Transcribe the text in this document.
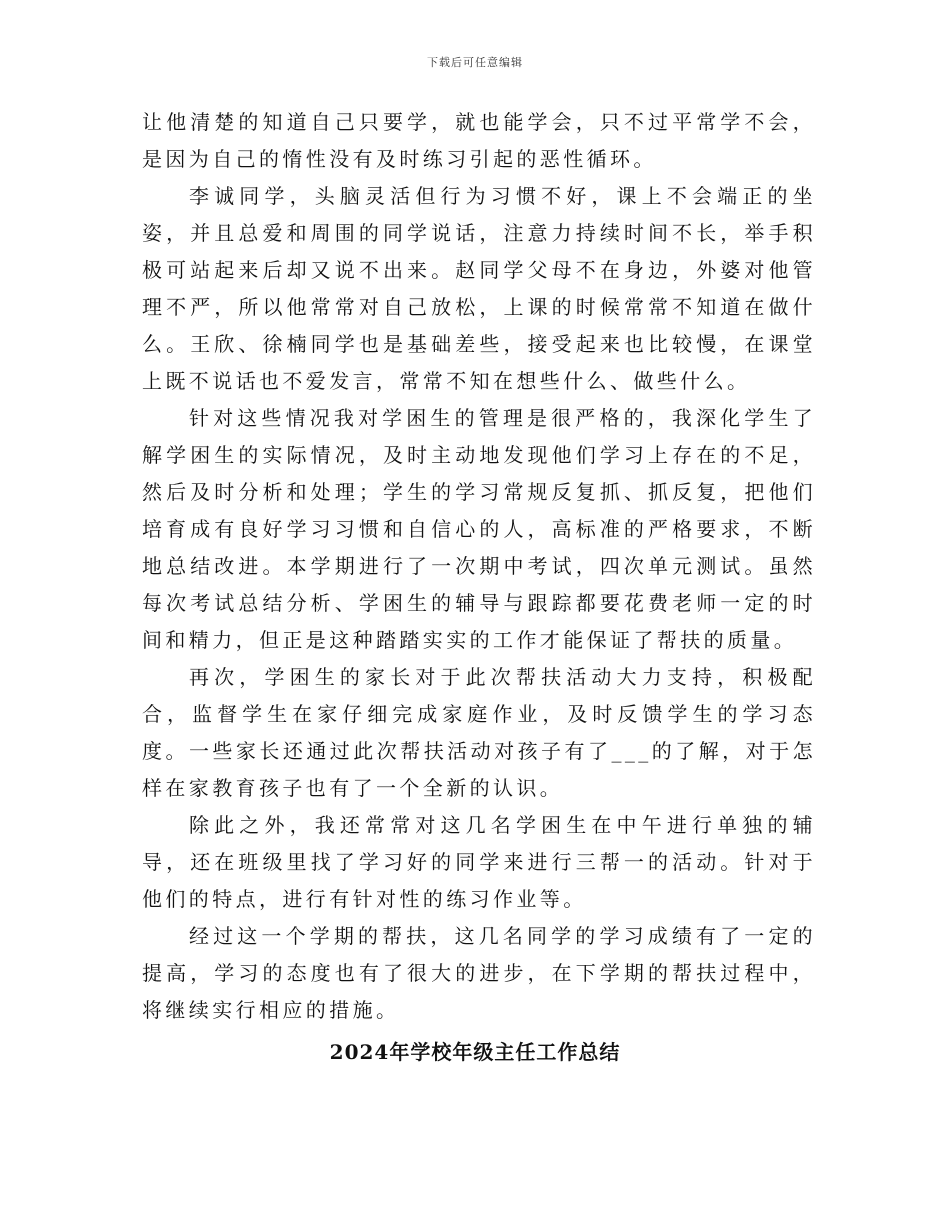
下载后可任意编辑

让他清楚的知道自己只要学，就也能学会，只不过平常学不会，是因为自己的惰性没有及时练习引起的恶性循环。

李诚同学，头脑灵活但行为习惯不好，课上不会端正的坐姿，并且总爱和周围的同学说话，注意力持续时间不长，举手积极可站起来后却又说不出来。赵同学父母不在身边，外婆对他管理不严，所以他常常对自己放松，上课的时候常常不知道在做什么。王欣、徐楠同学也是基础差些，接受起来也比较慢，在课堂上既不说话也不爱发言，常常不知在想些什么、做些什么。

针对这些情况我对学困生的管理是很严格的，我深化学生了解学困生的实际情况，及时主动地发现他们学习上存在的不足，然后及时分析和处理；学生的学习常规反复抓、抓反复，把他们培育成有良好学习习惯和自信心的人，高标准的严格要求，不断地总结改进。本学期进行了一次期中考试，四次单元测试。虽然每次考试总结分析、学困生的辅导与跟踪都要花费老师一定的时间和精力，但正是这种踏踏实实的工作才能保证了帮扶的质量。

再次，学困生的家长对于此次帮扶活动大力支持，积极配合，监督学生在家仔细完成家庭作业，及时反馈学生的学习态度。一些家长还通过此次帮扶活动对孩子有了___的了解，对于怎样在家教育孩子也有了一个全新的认识。

除此之外，我还常常对这几名学困生在中午进行单独的辅导，还在班级里找了学习好的同学来进行三帮一的活动。针对于他们的特点，进行有针对性的练习作业等。

经过这一个学期的帮扶，这几名同学的学习成绩有了一定的提高，学习的态度也有了很大的进步，在下学期的帮扶过程中，将继续实行相应的措施。

2024年学校年级主任工作总结
